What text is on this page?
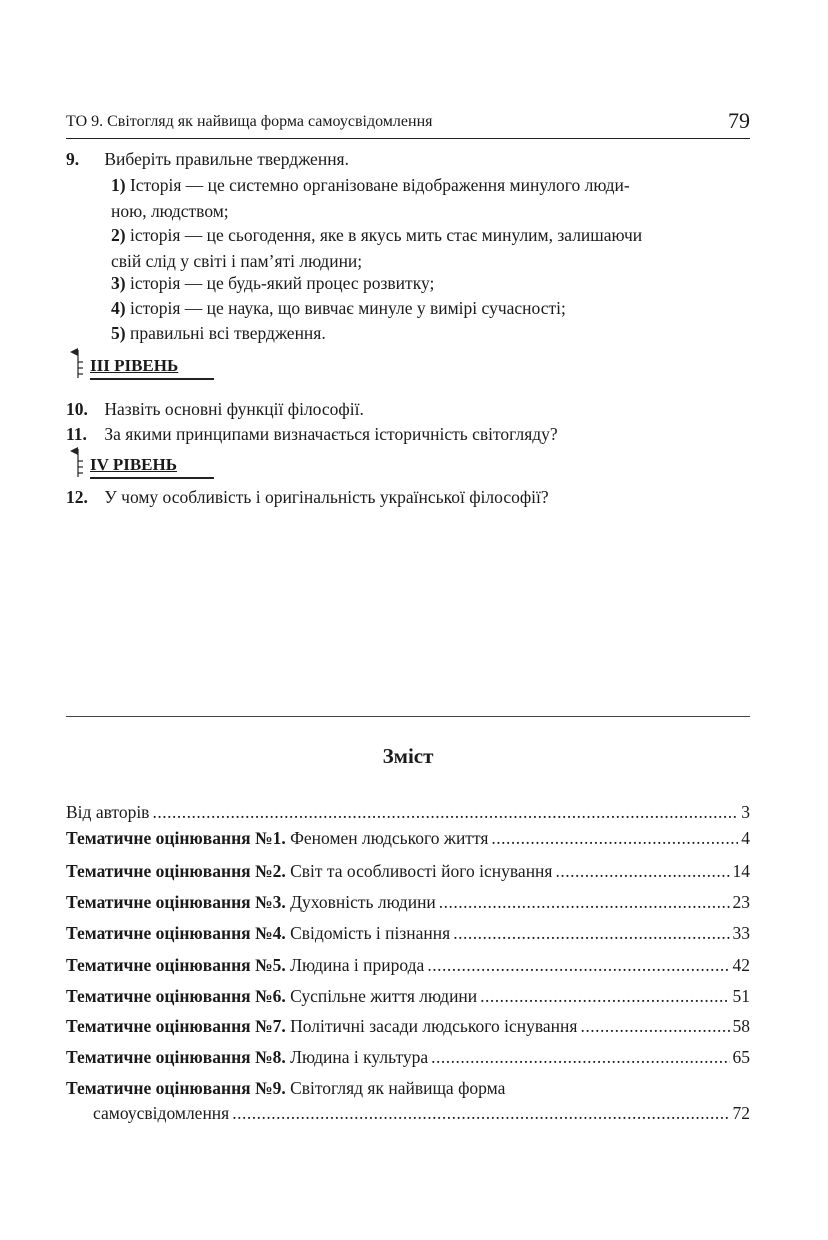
ТО 9. Світогляд як найвища форма самоусвідомлення	79
9. Виберіть правильне твердження.
1) Історія — це системно організоване відображення минулого люди-
ною, людством;
2) історія — це сьогодення, яке в якусь мить стає минулим, залишаючи
свій слід у світі і пам’яті людини;
3) історія — це будь-який процес розвитку;
4) історія — це наука, що вивчає минуле у вимірі сучасності;
5) правильні всі твердження.
ІІІ РІВЕНЬ
10. Назвіть основні функції філософії.
11. За якими принципами визначається історичність світогляду?
IV РІВЕНЬ
12. У чому особливість і оригінальність української філософії?
Зміст
Від авторів .....	3
Тематичне оцінювання №1. Феномен людського життя .....	4
Тематичне оцінювання №2. Світ та особливості його існування .....	14
Тематичне оцінювання №3. Духовність людини .....	23
Тематичне оцінювання №4. Свідомість і пізнання .....	33
Тематичне оцінювання №5. Людина і природа .....	42
Тематичне оцінювання №6. Суспільне життя людини .....	51
Тематичне оцінювання №7. Політичні засади людського існування .....	58
Тематичне оцінювання №8. Людина і культура .....	65
Тематичне оцінювання №9. Світогляд як найвища форма
самоусвідомлення .....	72
